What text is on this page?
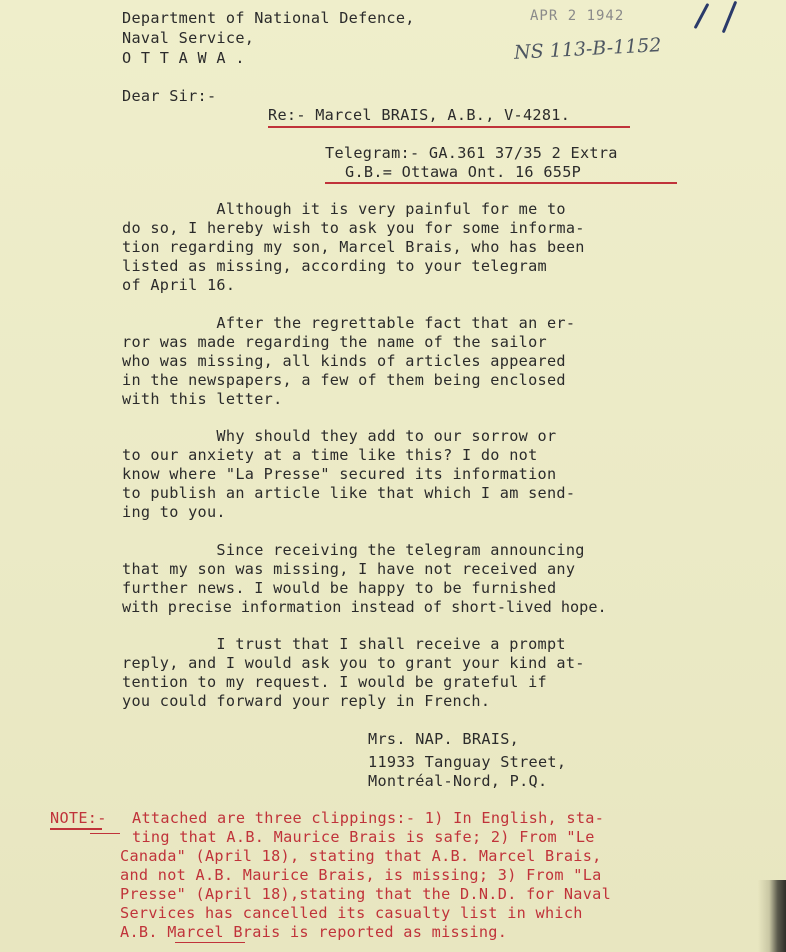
Department of National Defence,

Naval Service,

O T T A W A .

APR 2 1942
NS 113-B-1152

Dear Sir:-

Re:- Marcel BRAIS, A.B., V-4281.

Telegram:- GA.361 37/35 2 Extra

G.B.= Ottawa Ont. 16 655P

Although it is very painful for me to

do so, I hereby wish to ask you for some informa-

tion regarding my son, Marcel Brais, who has been

listed as missing, according to your telegram

of April 16.

After the regrettable fact that an er-

ror was made regarding the name of the sailor

who was missing, all kinds of articles appeared

in the newspapers, a few of them being enclosed

with this letter.

Why should they add to our sorrow or

to our anxiety at a time like this? I do not

know where "La Presse" secured its information

to publish an article like that which I am send-

ing to you.

Since receiving the telegram announcing

that my son was missing, I have not received any

further news. I would be happy to be furnished

with precise information instead of short-lived hope.

I trust that I shall receive a prompt

reply, and I would ask you to grant your kind at-

tention to my request. I would be grateful if

you could forward your reply in French.

Mrs. NAP. BRAIS,

11933 Tanguay Street,

Montréal-Nord, P.Q.

NOTE:- Attached are three clippings:- 1) In English, sta-

ting that A.B. Maurice Brais is safe; 2) From "Le

Canada" (April 18), stating that A.B. Marcel Brais,

and not A.B. Maurice Brais, is missing; 3) From "La

Presse" (April 18),stating that the D.N.D. for Naval

Services has cancelled its casualty list in which

A.B. Marcel Brais is reported as missing.
